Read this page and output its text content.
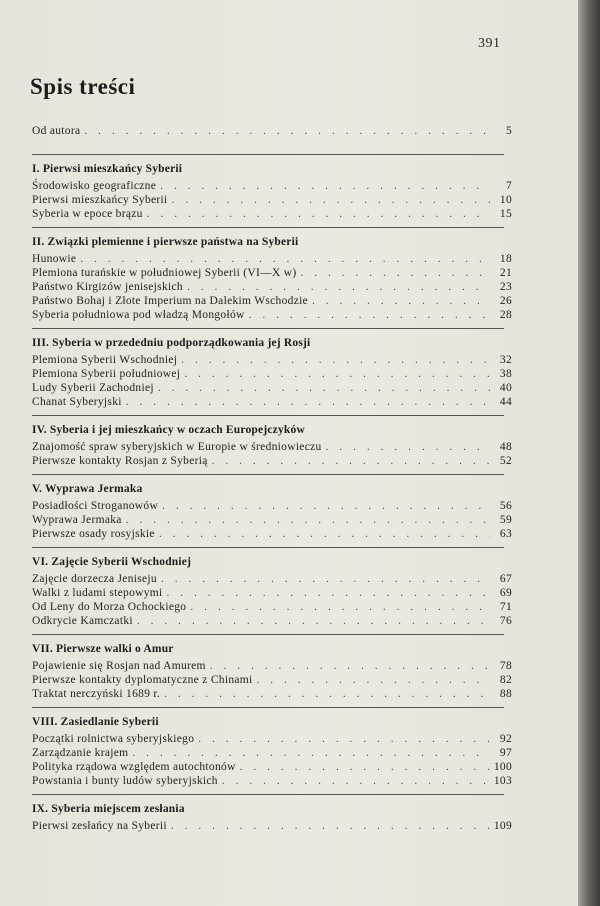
391
Spis treści
Od autora . . .	5
I. Pierwsi mieszkańcy Syberii
Środowisko geograficzne . . .	7
Pierwsi mieszkańcy Syberii . . .	10
Syberia w epoce brązu . . .	15
II. Związki plemienne i pierwsze państwa na Syberii
Hunowie . . .	18
Plemiona turańskie w południowej Syberii (VI—X w) . . .	21
Państwo Kirgizów jenisejskich . . .	23
Państwo Bohaj i Złote Imperium na Dalekim Wschodzie . . .	26
Syberia południowa pod władzą Mongołów . . .	28
III. Syberia w przededniu podporządkowania jej Rosji
Plemiona Syberii Wschodniej . . .	32
Plemiona Syberii południowej . . .	38
Ludy Syberii Zachodniej . . .	40
Chanat Syberyjski . . .	44
IV. Syberia i jej mieszkańcy w oczach Europejczyków
Znajomość spraw syberyjskich w Europie w średniowieczu . . .	48
Pierwsze kontakty Rosjan z Syberią . . .	52
V. Wyprawa Jermaka
Posiadłości Stroganowów . . .	56
Wyprawa Jermaka . . .	59
Pierwsze osady rosyjskie . . .	63
VI. Zajęcie Syberii Wschodniej
Zajęcie dorzecza Jeniseju . . .	67
Walki z ludami stepowymi . . .	69
Od Leny do Morza Ochockiego . . .	71
Odkrycie Kamczatki . . .	76
VII. Pierwsze walki o Amur
Pojawienie się Rosjan nad Amurem . . .	78
Pierwsze kontakty dyplomatyczne z Chinami . . .	82
Traktat nerczyński 1689 r. . . .	88
VIII. Zasiedlanie Syberii
Początki rolnictwa syberyjskiego . . .	92
Zarządzanie krajem . . .	97
Polityka rządowa względem autochtonów . . .	100
Powstania i bunty ludów syberyjskich . . .	103
IX. Syberia miejscem zesłania
Pierwsi zesłańcy na Syberii . . .	109
